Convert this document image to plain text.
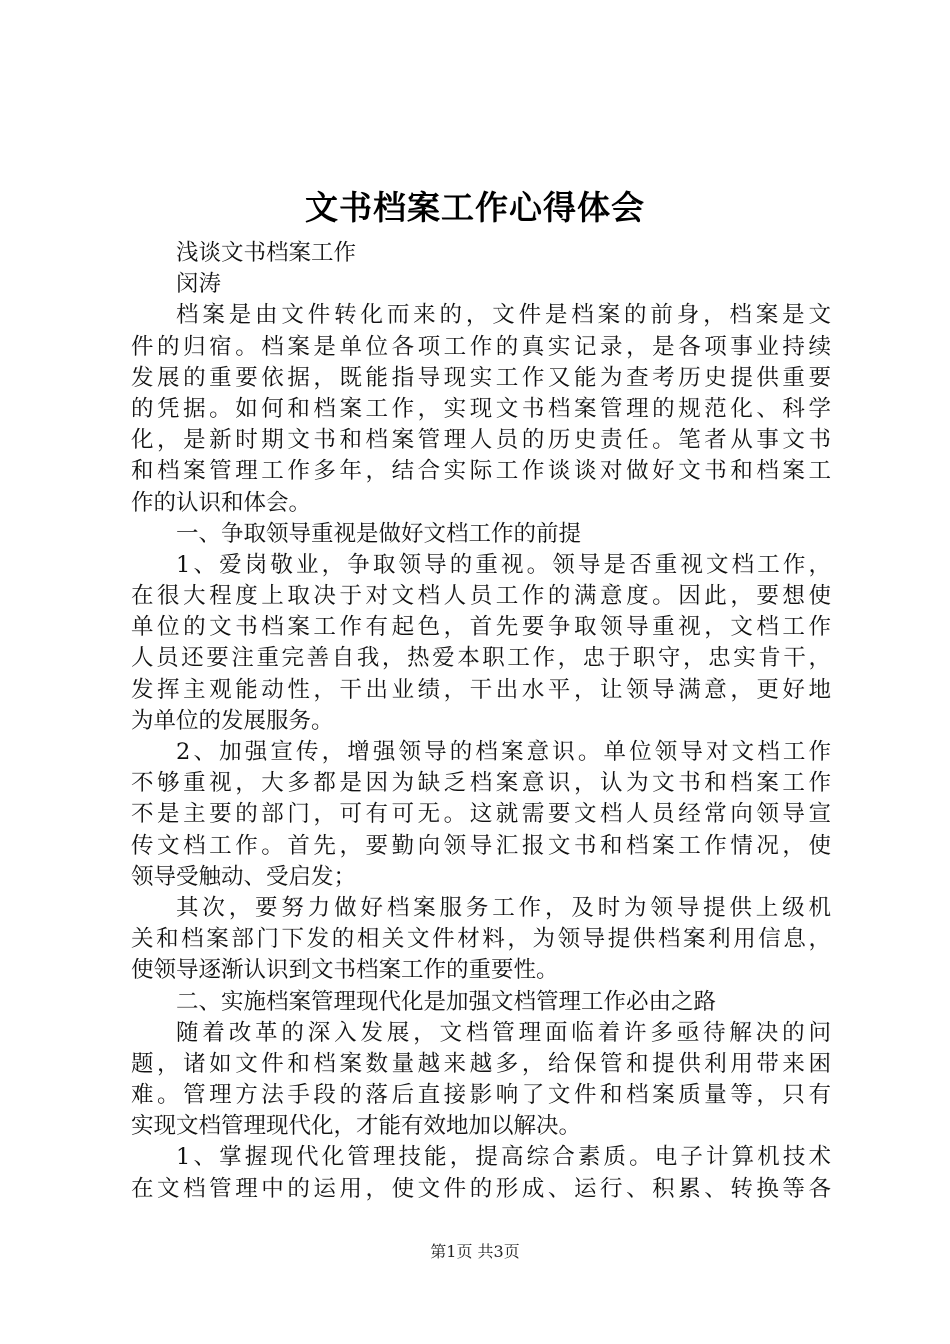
文书档案工作心得体会
浅谈文书档案工作
闵涛
档案是由文件转化而来的，文件是档案的前身，档案是文
件的归宿。档案是单位各项工作的真实记录，是各项事业持续
发展的重要依据，既能指导现实工作又能为查考历史提供重要
的凭据。如何和档案工作，实现文书档案管理的规范化、科学
化，是新时期文书和档案管理人员的历史责任。笔者从事文书
和档案管理工作多年，结合实际工作谈谈对做好文书和档案工
作的认识和体会。
一、争取领导重视是做好文档工作的前提
1、爱岗敬业，争取领导的重视。领导是否重视文档工作，
在很大程度上取决于对文档人员工作的满意度。因此，要想使
单位的文书档案工作有起色，首先要争取领导重视，文档工作
人员还要注重完善自我，热爱本职工作，忠于职守，忠实肯干，
发挥主观能动性，干出业绩，干出水平，让领导满意，更好地
为单位的发展服务。
2、加强宣传，增强领导的档案意识。单位领导对文档工作
不够重视，大多都是因为缺乏档案意识，认为文书和档案工作
不是主要的部门，可有可无。这就需要文档人员经常向领导宣
传文档工作。首先，要勤向领导汇报文书和档案工作情况，使
领导受触动、受启发；
其次，要努力做好档案服务工作，及时为领导提供上级机
关和档案部门下发的相关文件材料，为领导提供档案利用信息，
使领导逐渐认识到文书档案工作的重要性。
二、实施档案管理现代化是加强文档管理工作必由之路
随着改革的深入发展，文档管理面临着许多亟待解决的问
题，诸如文件和档案数量越来越多，给保管和提供利用带来困
难。管理方法手段的落后直接影响了文件和档案质量等，只有
实现文档管理现代化，才能有效地加以解决。
1、掌握现代化管理技能，提高综合素质。电子计算机技术
在文档管理中的运用，使文件的形成、运行、积累、转换等各
第1页 共3页
